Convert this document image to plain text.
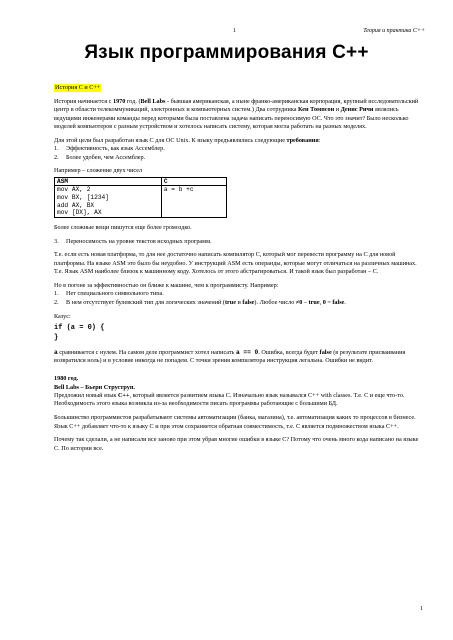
1	Теория и практика С++
Язык программирования С++

История С и С++

История начинается с 1970 год. (Bell Labs - бывшая американская, а ныне франко-американская корпорация, крупный исследовательский центр в области телекоммуникаций, электронных и компьютерных систем.) Два сотрудника Кен Томпсон и Денис Ричи являлись ведущими инженерами команды перед которыми была поставлена задача написать переносимую ОС. Что это значит? Было несколько моделей компьютеров с разным устройством и хотелось написать систему, которая могла работать на разных моделях.

Для этой цели был разработан язык С для ОС Unix. К языку предъявлялись следующие требования:

1.	Эффективность, как язык Ассемблер.
2.	Более удобен, чем Ассемблер.

Например – сложение двух чисел

ASM	C

mov AX, 2
mov BX, [1234]
add AX, BX
mov [DX], AX	a = b +c

Более сложные вещи пишутся еще более громоздко.

3.	Переносимость на уровне текстов исходных программ.

Т.е. если есть новая платформа, то для нее достаточно написать компилятор С, который мог перевести программу на С для новой платформы. На языке ASM это было бы неудобно. У инструкций ASM есть операнды, которые могут отличаться на различных машинах. Т.е. Язык ASM наиболее близок к машинному коду. Хотелось от этого абстрагироваться. И такой язык был разработан – С.

Но в погоне за эффективностью он ближе к машине, чем к программисту. Например:

1.	Нет специального символьного типа.
2.	В нем отсутствует булевский тип для логических значений (true и false). Любое число ≠0 – true, 0 = false.

Казус:

if (a = 0) {
}

a сравнивается с нулем. На самом деле программист хотел написать a == 0. Ошибка, всегда будет false (в результате присваивания возвратился ноль) и в условие никогда не попадем. С точки зрения компилятора инструкция легальна. Ошибки не видит.

1980 год.

Bell Labs – Бьерн Струструп.

Предложил новый язык С++, который является развитием языка С. Изначально язык назывался С++ with classes. Т.е. С и еще что-то. Необходимость этого языка возникла из-за необходимости писать программы работающие с большими БД.

Большинство программистов разрабатывают системы автоматизации (банка, магазина), т.е. автоматизация каких то процессов в бизнесе. Язык С++ добавляет что-то к языку С и при этом сохраняется обратная совместимость, т.е. С является подмножеством языка С++.

Почему так сделали, а не написали все заново при этом убрав многие ошибки в языке С? Потому что очень много кода написано на языке С. По истории все.

1
